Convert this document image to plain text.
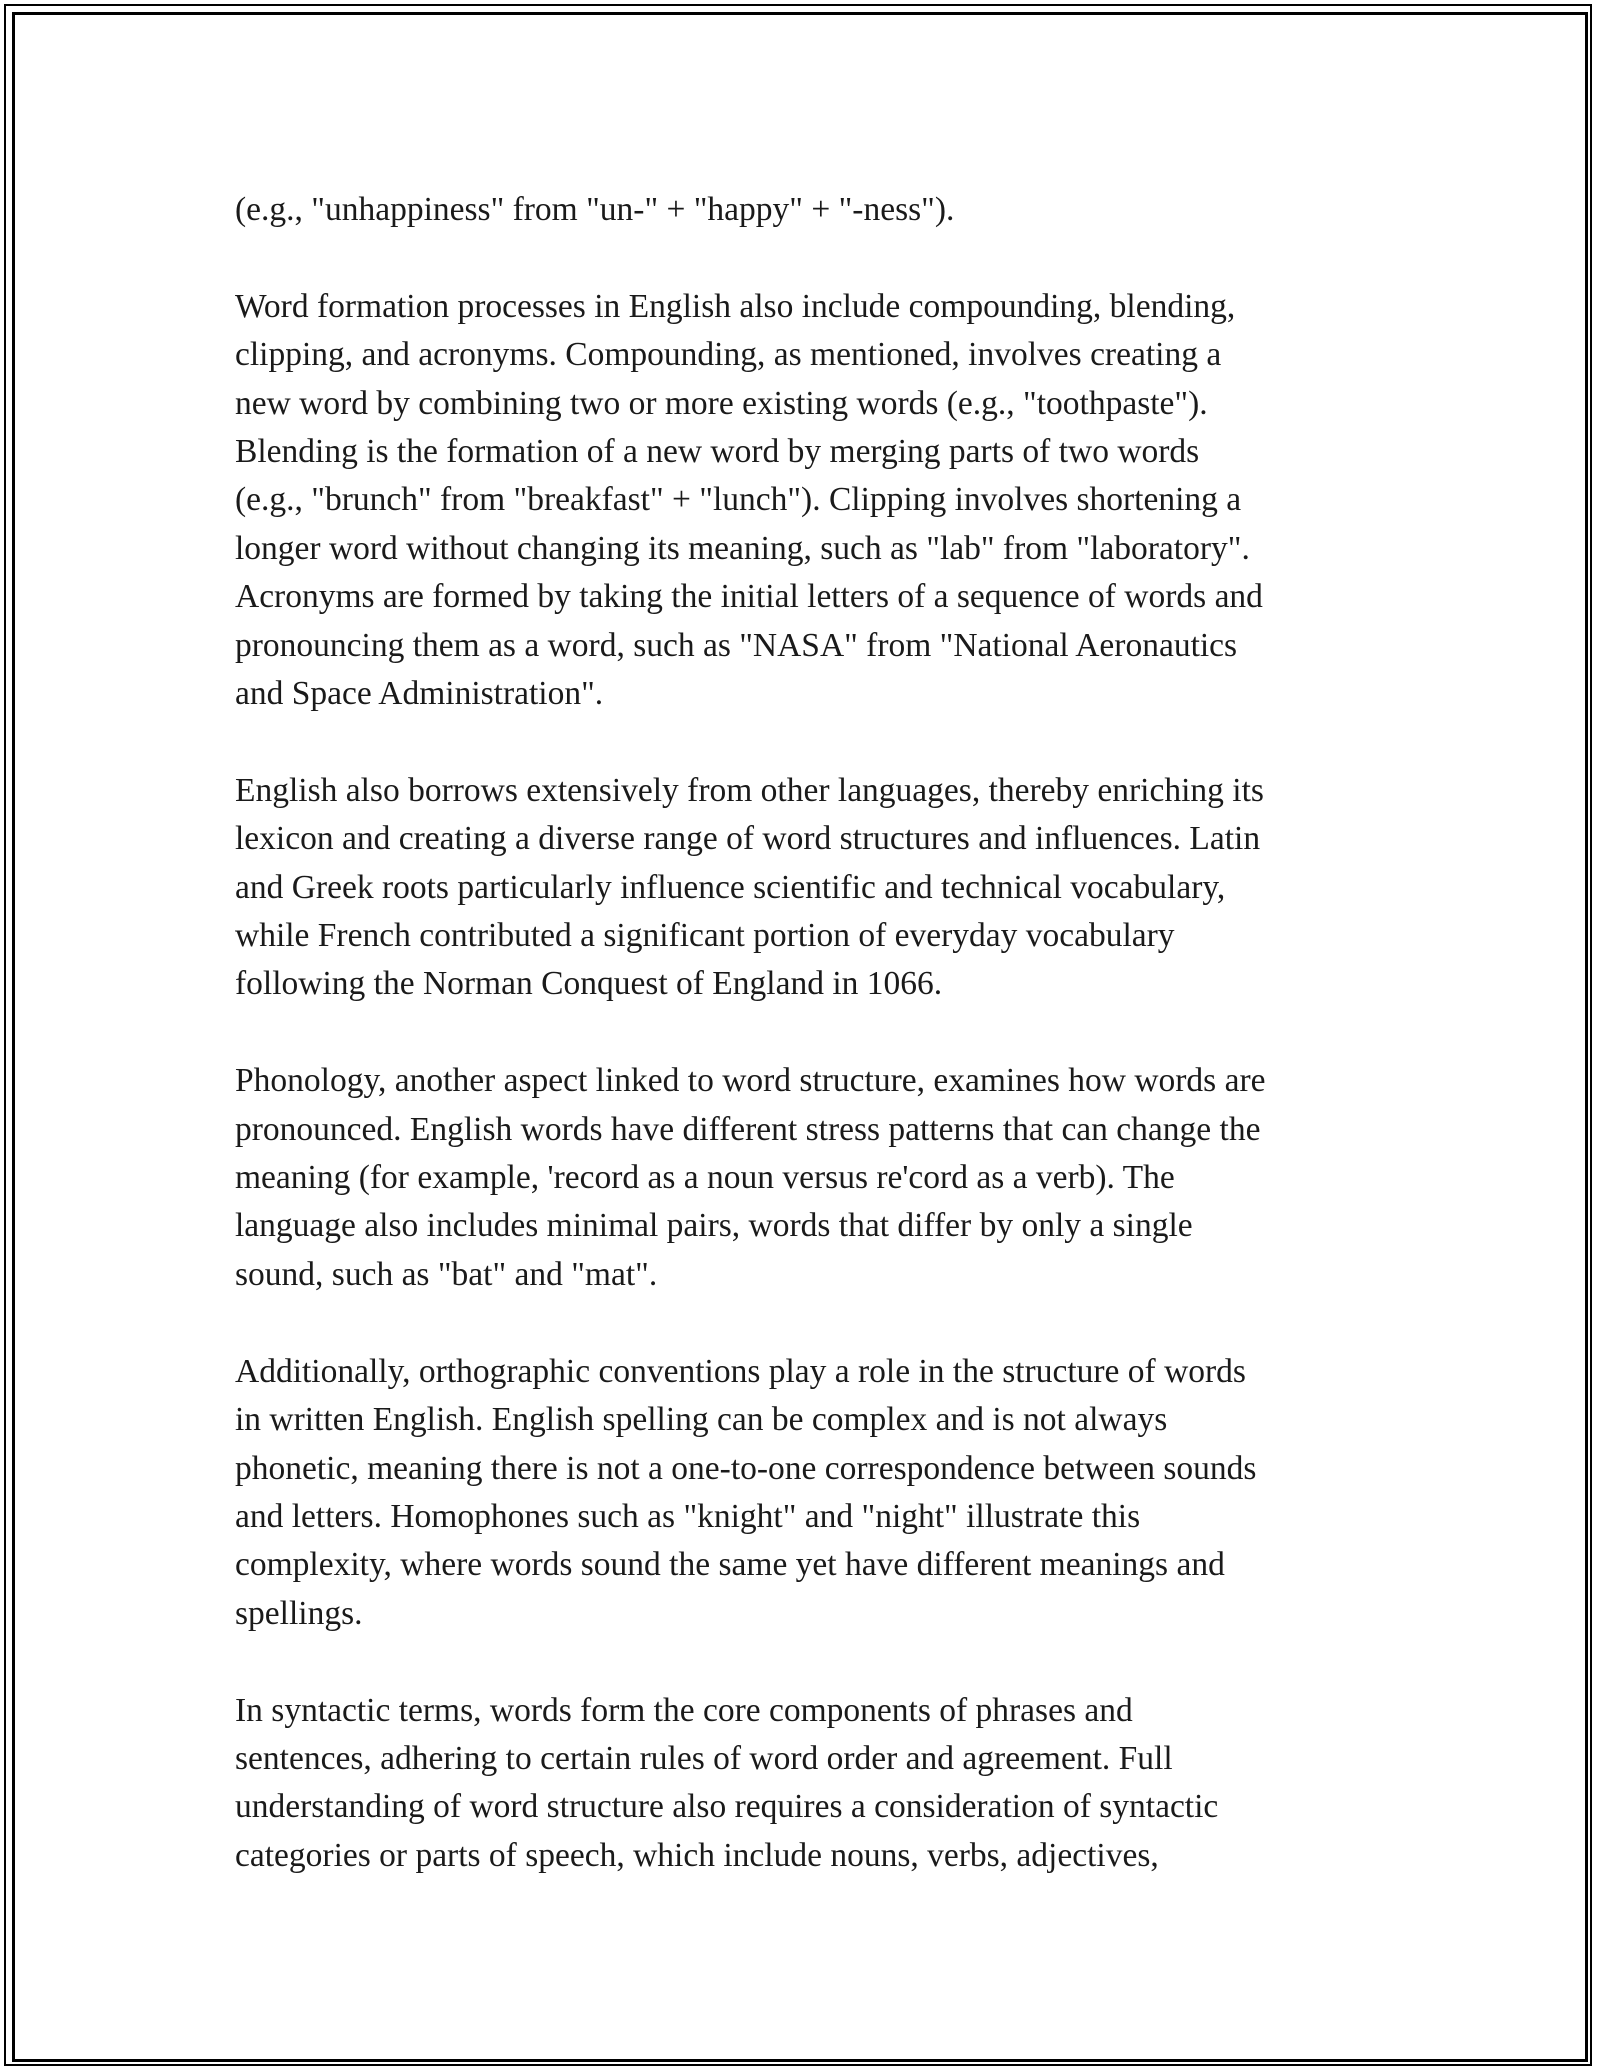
(e.g., "unhappiness" from "un-" + "happy" + "-ness").

Word formation processes in English also include compounding, blending,
clipping, and acronyms. Compounding, as mentioned, involves creating a
new word by combining two or more existing words (e.g., "toothpaste").
Blending is the formation of a new word by merging parts of two words
(e.g., "brunch" from "breakfast" + "lunch"). Clipping involves shortening a
longer word without changing its meaning, such as "lab" from "laboratory".
Acronyms are formed by taking the initial letters of a sequence of words and
pronouncing them as a word, such as "NASA" from "National Aeronautics
and Space Administration".

English also borrows extensively from other languages, thereby enriching its
lexicon and creating a diverse range of word structures and influences. Latin
and Greek roots particularly influence scientific and technical vocabulary,
while French contributed a significant portion of everyday vocabulary
following the Norman Conquest of England in 1066.

Phonology, another aspect linked to word structure, examines how words are
pronounced. English words have different stress patterns that can change the
meaning (for example, 'record as a noun versus re'cord as a verb). The
language also includes minimal pairs, words that differ by only a single
sound, such as "bat" and "mat".

Additionally, orthographic conventions play a role in the structure of words
in written English. English spelling can be complex and is not always
phonetic, meaning there is not a one-to-one correspondence between sounds
and letters. Homophones such as "knight" and "night" illustrate this
complexity, where words sound the same yet have different meanings and
spellings.

In syntactic terms, words form the core components of phrases and
sentences, adhering to certain rules of word order and agreement. Full
understanding of word structure also requires a consideration of syntactic
categories or parts of speech, which include nouns, verbs, adjectives,
